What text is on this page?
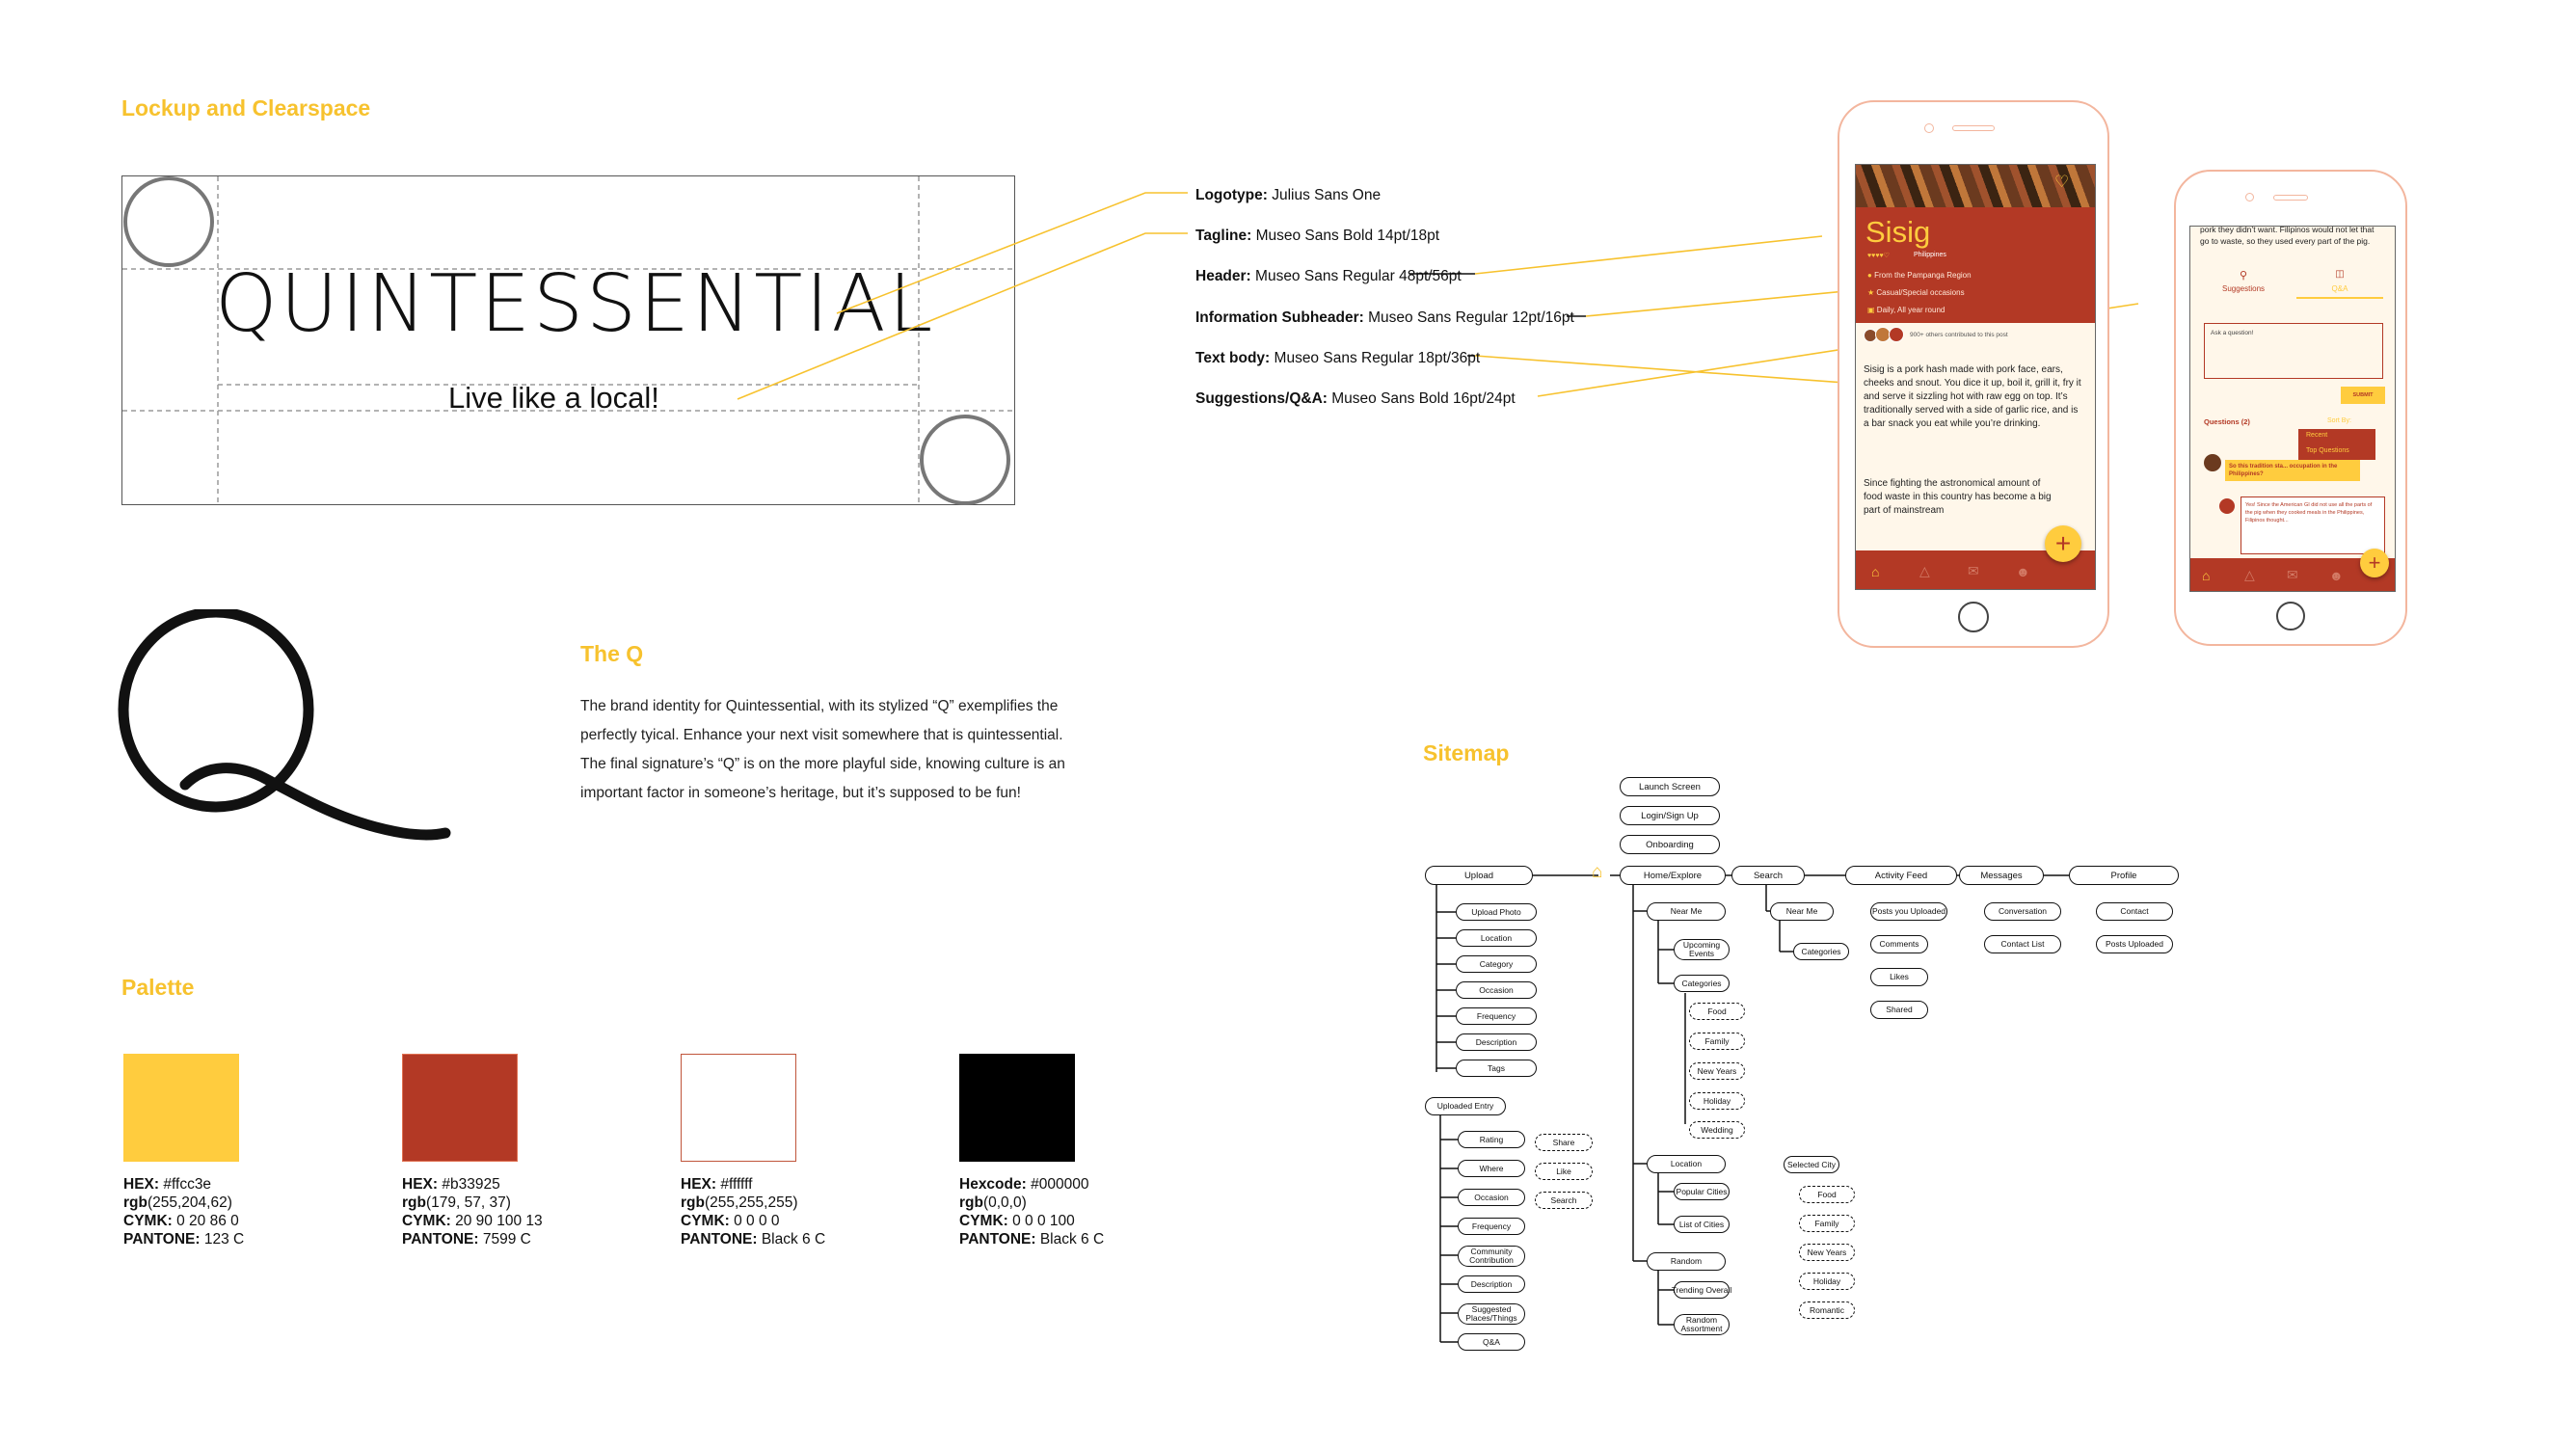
Lockup and Clearspace
QUINTESSENTIAL
Live like a local!
Logotype: Julius Sans One
Tagline: Museo Sans Bold 14pt/18pt
Header: Museo Sans Regular 48pt/56pt
Information Subheader: Museo Sans Regular 12pt/16pt
Text body: Museo Sans Regular 18pt/36pt
Suggestions/Q&A: Museo Sans Bold 16pt/24pt
The Q
The brand identity for Quintessential, with its stylized “Q” exemplifies the perfectly tyical. Enhance your next visit somewhere that is quintessential. The final signature’s “Q” is on the more playful side, knowing culture is an important factor in someone’s heritage, but it’s supposed to be fun!
Palette
HEX: #ffcc3e
rgb(255,204,62)
CYMK: 0 20 86 0
PANTONE: 123 C
HEX: #b33925
rgb(179, 57, 37)
CYMK: 20 90 100 13
PANTONE: 7599 C
HEX: #ffffff
rgb(255,255,255)
CYMK: 0 0 0 0
PANTONE: Black 6 C
Hexcode: #000000
rgb(0,0,0)
CYMK: 0 0 0 100
PANTONE: Black 6 C
♡
Sisig
♥♥♥♥♡	Philippines
● From the Pampanga Region
★ Casual/Special occasions
▣ Daily, All year round
900+ others contributed to this post
Sisig is a pork hash made with pork face, ears, cheeks and snout. You dice it up, boil it, grill it, fry it and serve it sizzling hot with raw egg on top. It’s traditionally served with a side of garlic rice, and is a bar snack you eat while you’re drinking.
Since fighting the astronomical amount of food waste in this country has become a big part of mainstream
⌂	△	✉	☻
+
pork they didn’t want. Filipinos would not let that go to waste, so they used every part of the pig.
⚲
Suggestions
◫
Q&A
Ask a question!
SUBMIT
Questions (2)	Sort By:
Recent
Top Questions
So this tradition sta... occupation in the Philippines?
Yes! Since the American GI did not use all the parts of the pig when they cooked meals in the Philippines, Filipinos thought...
⌂	△ ✉ ☻
+
Sitemap
Launch Screen
Login/Sign Up
Onboarding
Upload	⌂	Home/Explore	Search	Activity Feed	Messages	Profile
Upload Photo
Location
Category
Occasion
Frequency
Description
Tags
Uploaded Entry
Rating
Where
Occasion
Frequency
Community Contribution
Description
Suggested Places/Things
Q&A
Share
Like
Search
Near Me
Upcoming Events
Categories
Food
Family
New Years
Holiday
Wedding
Location
Popular Cities
List of Cities
Selected City
Food
Family
New Years
Holiday
Romantic
Random
Trending Overall
Random Assortment
Near Me
Categories
Posts you Uploaded
Comments
Likes
Shared
Conversation
Contact List
Contact
Posts Uploaded
